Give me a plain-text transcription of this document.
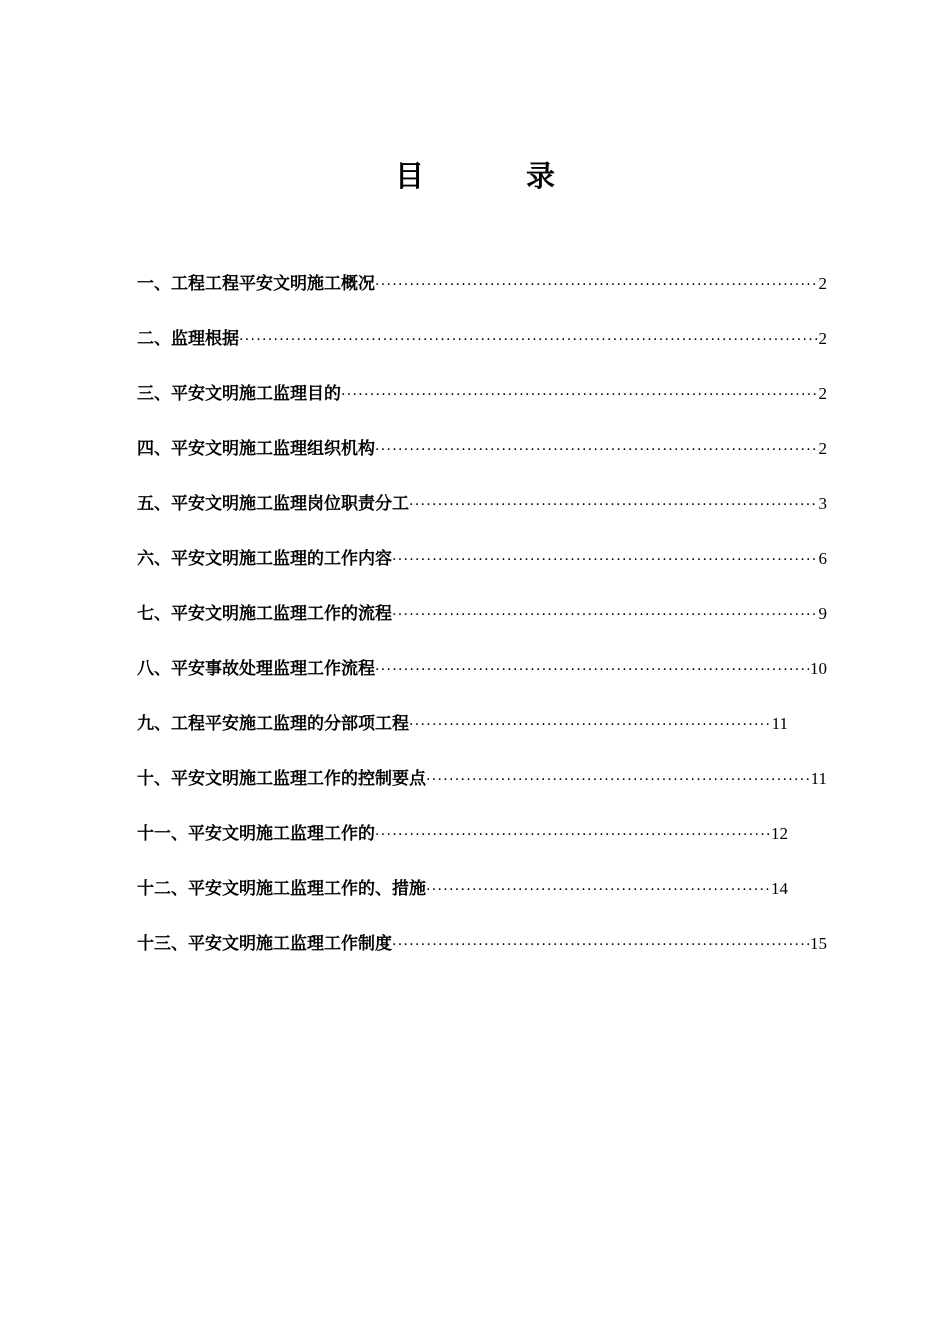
目 录
一、工程工程平安文明施工概况 ·····	2
二、监理根据 ·····	2
三、平安文明施工监理目的 ·····	2
四、平安文明施工监理组织机构 ·····	2
五、平安文明施工监理岗位职责分工 ·····	3
六、平安文明施工监理的工作内容 ·····	6
七、平安文明施工监理工作的流程 ·····	9
八、平安事故处理监理工作流程 ·····	10
九、工程平安施工监理的分部项工程 ·····	11
十、平安文明施工监理工作的控制要点 ·····	11
十一、平安文明施工监理工作的 ·····	12
十二、平安文明施工监理工作的、措施 ·····	14
十三、平安文明施工监理工作制度 ·····	15
